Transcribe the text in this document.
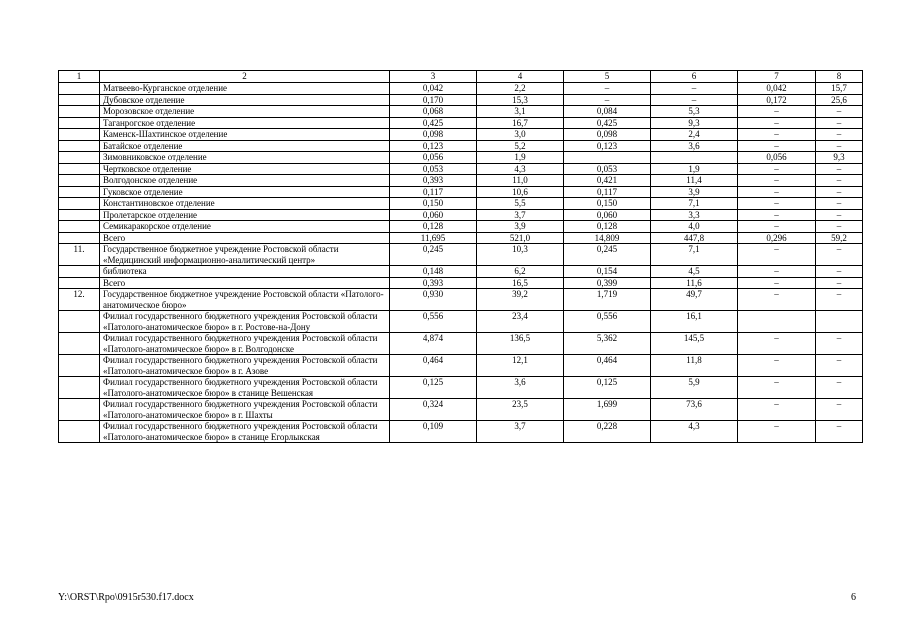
1	2	3	4	5	6	7	8
	Матвеево-Курганское отделение	0,042	2,2	–	–	0,042	15,7
	Дубовское отделение	0,170	15,3	–	–	0,172	25,6
	Морозовское отделение	0,068	3,1	0,084	5,3	–	–
	Таганрогское отделение	0,425	16,7	0,425	9,3	–	–
	Каменск-Шахтинское отделение	0,098	3,0	0,098	2,4	–	–
	Батайское отделение	0,123	5,2	0,123	3,6	–	–
	Зимовниковское отделение	0,056	1,9			0,056	9,3
	Чертковское отделение	0,053	4,3	0,053	1,9	–	–
	Волгодонское отделение	0,393	11,0	0,421	11,4	–	–
	Гуковское отделение	0,117	10,6	0,117	3,9	–	–
	Константиновское отделение	0,150	5,5	0,150	7,1	–	–
	Пролетарское отделение	0,060	3,7	0,060	3,3	–	–
	Семикаракорское отделение	0,128	3,9	0,128	4,0	–	–
	Всего	11,695	521,0	14,809	447,8	0,296	59,2
11.	Государственное бюджетное учреждение Ростовской области «Медицинский информационно-аналитический центр»	0,245	10,3	0,245	7,1	–	–
	библиотека	0,148	6,2	0,154	4,5	–	–
	Всего	0,393	16,5	0,399	11,6	–	–
12.	Государственное бюджетное учреждение Ростовской области «Патолого-анатомическое бюро»	0,930	39,2	1,719	49,7	–	–
	Филиал государственного бюджетного учреждения Ростовской области «Патолого-анатомическое бюро» в г. Ростове-на-Дону	0,556	23,4	0,556	16,1		
	Филиал государственного бюджетного учреждения Ростовской области «Патолого-анатомическое бюро» в г. Волгодонске	4,874	136,5	5,362	145,5	–	–
	Филиал государственного бюджетного учреждения Ростовской области «Патолого-анатомическое бюро» в г. Азове	0,464	12,1	0,464	11,8	–	–
	Филиал государственного бюджетного учреждения Ростовской области «Патолого-анатомическое бюро» в станице Вешенская	0,125	3,6	0,125	5,9	–	–
	Филиал государственного бюджетного учреждения Ростовской области «Патолого-анатомическое бюро» в г. Шахты	0,324	23,5	1,699	73,6	–	–
	Филиал государственного бюджетного учреждения Ростовской области «Патолого-анатомическое бюро» в станице Егорлыкская	0,109	3,7	0,228	4,3	–	–
Y:\ORST\Rpo\0915r530.f17.docx	6
